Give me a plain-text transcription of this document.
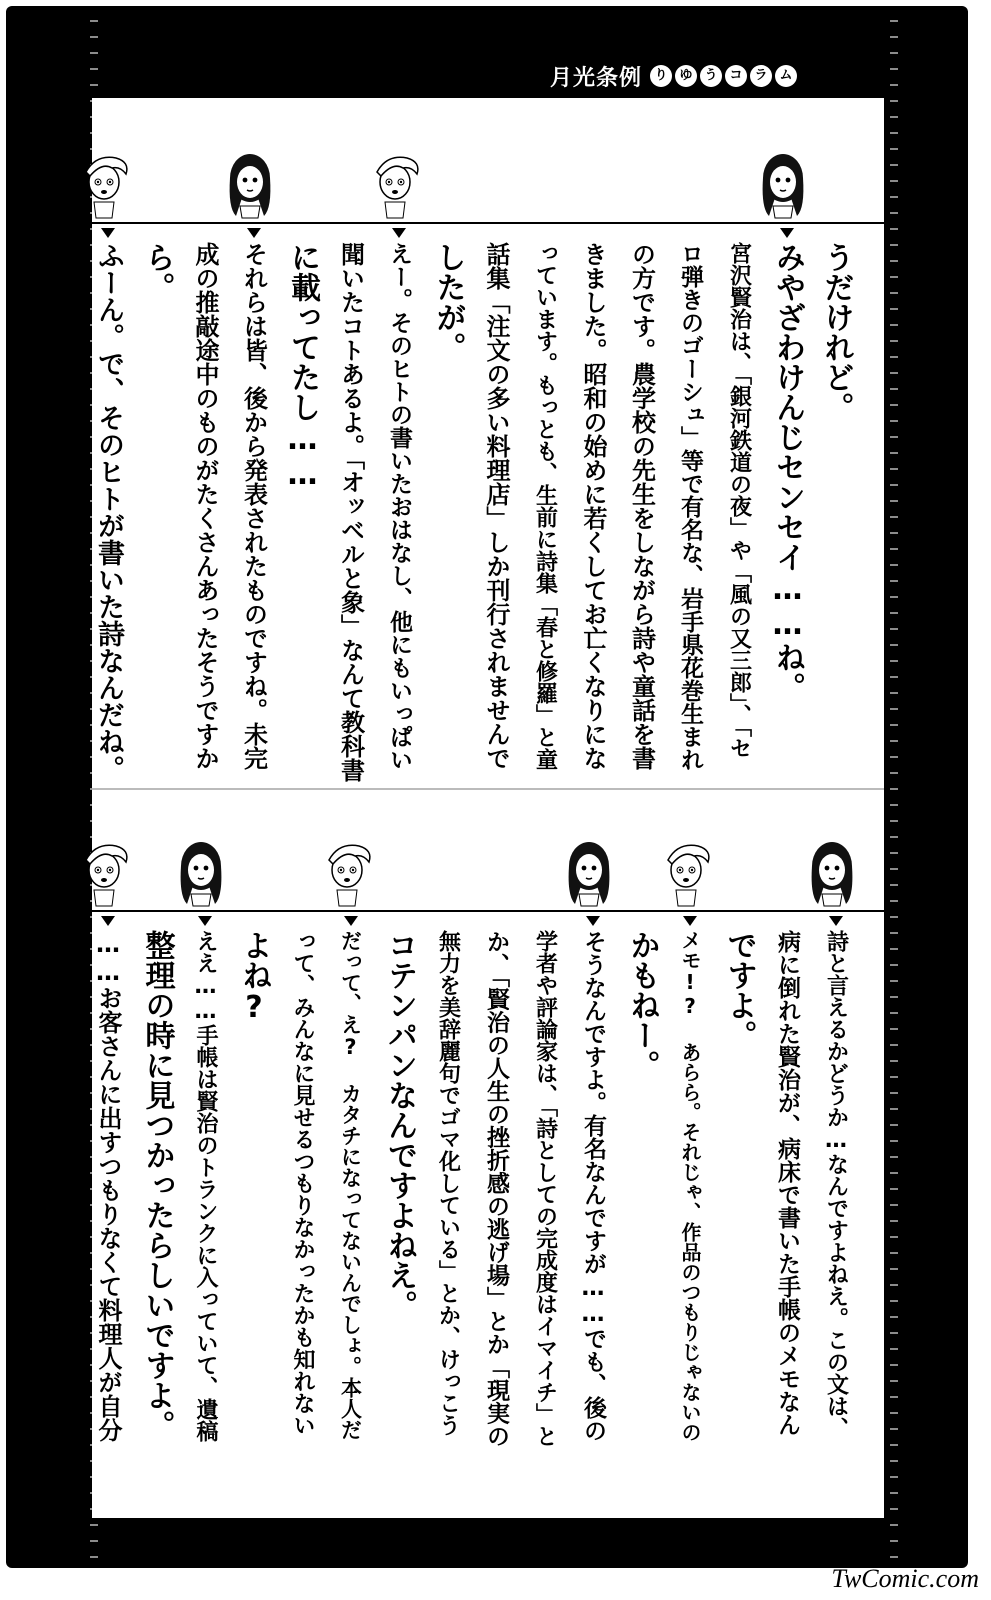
月光条例 り ゆ う コ ラ ム
うだけれど。
みやざわけんじセンセイ……ね。
宮沢賢治は、「銀河鉄道の夜」や「風の又三郎」、「セ
ロ弾きのゴーシュ」等で有名な、岩手県花巻生まれ
の方です。農学校の先生をしながら詩や童話を書
きました。昭和の始めに若くしてお亡くなりにな
っています。もっとも、生前に詩集「春と修羅」と童
話集「注文の多い料理店」しか刊行されませんで
したが。
えー。そのヒトの書いたおはなし、他にもいっぱい
聞いたコトあるよ。「オッベルと象」なんて教科書
に載ってたし……
それらは皆、後から発表されたものですね。未完
成の推敲途中のものがたくさんあったそうですか
ら。
ふーん。で、そのヒトが書いた詩なんだね。
詩と言えるかどうか…なんですよねえ。この文は、
病に倒れた賢治が、病床で書いた手帳のメモなん
ですよ。
メモ!? あらら。それじゃ、作品のつもりじゃないの
かもねー。
そうなんですよ。有名なんですが……でも、後の
学者や評論家は、「詩としての完成度はイマイチ」と
か、「賢治の人生の挫折感の逃げ場」とか「現実の
無力を美辞麗句でゴマ化している」とか、けっこう
コテンパンなんですよねえ。
だって、え? カタチになってないんでしょ。本人だ
って、みんなに見せるつもりなかったかも知れない
よね?
ええ……手帳は賢治のトランクに入っていて、遺稿
整理の時に見つかったらしいですよ。
……お客さんに出すつもりなくて料理人が自分
TwComic.com
